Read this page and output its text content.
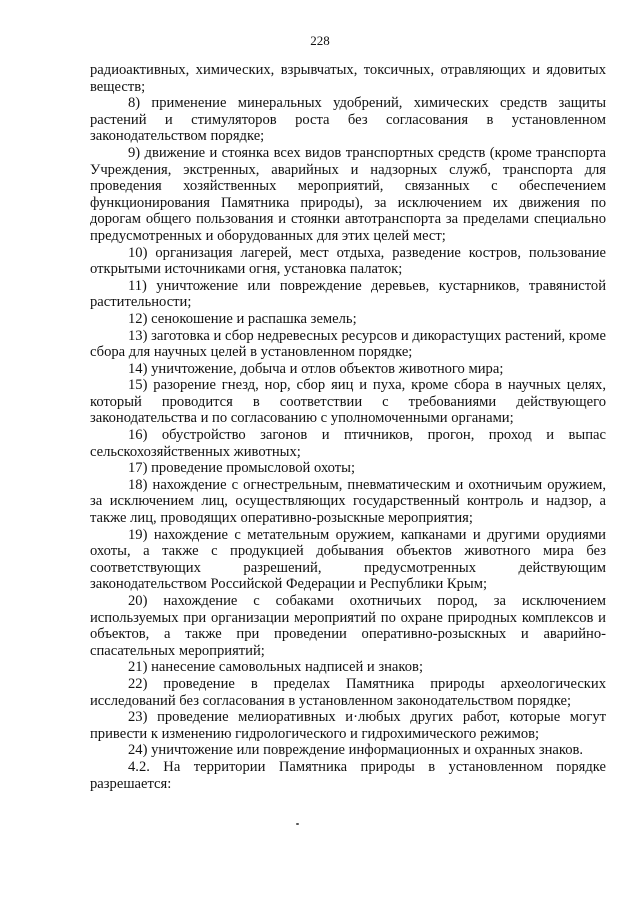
228

радиоактивных, химических, взрывчатых, токсичных, отравляющих и ядовитых веществ;

8) применение минеральных удобрений, химических средств защиты растений и стимуляторов роста без согласования в установленном законодательством порядке;

9) движение и стоянка всех видов транспортных средств (кроме транспорта Учреждения, экстренных, аварийных и надзорных служб, транспорта для проведения хозяйственных мероприятий, связанных с обеспечением функционирования Памятника природы), за исключением их движения по дорогам общего пользования и стоянки автотранспорта за пределами специально предусмотренных и оборудованных для этих целей мест;

10) организация лагерей, мест отдыха, разведение костров, пользование открытыми источниками огня, установка палаток;

11) уничтожение или повреждение деревьев, кустарников, травянистой растительности;

12) сенокошение и распашка земель;

13) заготовка и сбор недревесных ресурсов и дикорастущих растений, кроме сбора для научных целей в установленном порядке;

14) уничтожение, добыча и отлов объектов животного мира;

15) разорение гнезд, нор, сбор яиц и пуха, кроме сбора в научных целях, который проводится в соответствии с требованиями действующего законодательства и по согласованию с уполномоченными органами;

16) обустройство загонов и птичников, прогон, проход и выпас сельскохозяйственных животных;

17) проведение промысловой охоты;

18) нахождение с огнестрельным, пневматическим и охотничьим оружием, за исключением лиц, осуществляющих государственный контроль и надзор, а также лиц, проводящих оперативно-розыскные мероприятия;

19) нахождение с метательным оружием, капканами и другими орудиями охоты, а также с продукцией добывания объектов животного мира без соответствующих разрешений, предусмотренных действующим законодательством Российской Федерации и Республики Крым;

20) нахождение с собаками охотничьих пород, за исключением используемых при организации мероприятий по охране природных комплексов и объектов, а также при проведении оперативно-розыскных и аварийно-спасательных мероприятий;

21) нанесение самовольных надписей и знаков;

22) проведение в пределах Памятника природы археологических исследований без согласования в установленном законодательством порядке;

23) проведение мелиоративных и·любых других работ, которые могут привести к изменению гидрологического и гидрохимического режимов;

24) уничтожение или повреждение информационных и охранных знаков.

4.2. На территории Памятника природы в установленном порядке разрешается:
